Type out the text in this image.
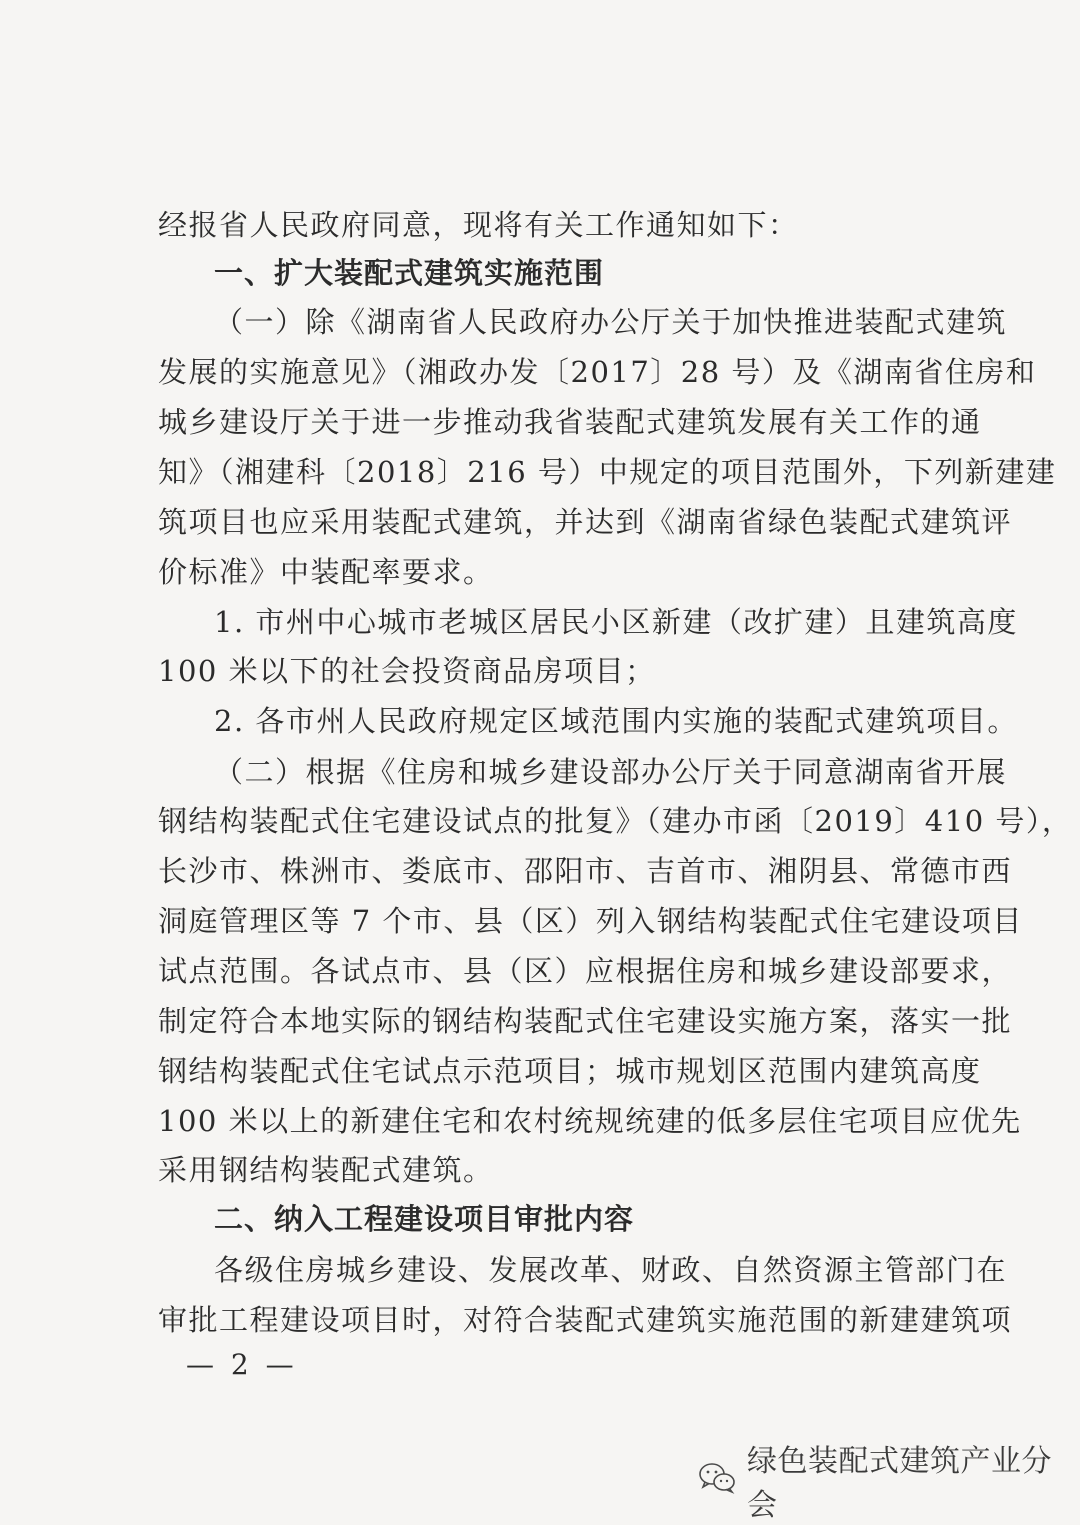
经报省人民政府同意，现将有关工作通知如下：
一、扩大装配式建筑实施范围
（一）除《湖南省人民政府办公厅关于加快推进装配式建筑
发展的实施意见》（湘政办发〔2017〕28 号）及《湖南省住房和
城乡建设厅关于进一步推动我省装配式建筑发展有关工作的通
知》（湘建科〔2018〕216 号）中规定的项目范围外，下列新建建
筑项目也应采用装配式建筑，并达到《湖南省绿色装配式建筑评
价标准》中装配率要求。
1. 市州中心城市老城区居民小区新建（改扩建）且建筑高度
100 米以下的社会投资商品房项目；
2. 各市州人民政府规定区域范围内实施的装配式建筑项目。
（二）根据《住房和城乡建设部办公厅关于同意湖南省开展
钢结构装配式住宅建设试点的批复》（建办市函〔2019〕410 号），
长沙市、株洲市、娄底市、邵阳市、吉首市、湘阴县、常德市西
洞庭管理区等 7 个市、县（区）列入钢结构装配式住宅建设项目
试点范围。各试点市、县（区）应根据住房和城乡建设部要求，
制定符合本地实际的钢结构装配式住宅建设实施方案，落实一批
钢结构装配式住宅试点示范项目；城市规划区范围内建筑高度
100 米以上的新建住宅和农村统规统建的低多层住宅项目应优先
采用钢结构装配式建筑。
二、纳入工程建设项目审批内容
各级住房城乡建设、发展改革、财政、自然资源主管部门在
审批工程建设项目时，对符合装配式建筑实施范围的新建建筑项
— 2 —
绿色装配式建筑产业分会
